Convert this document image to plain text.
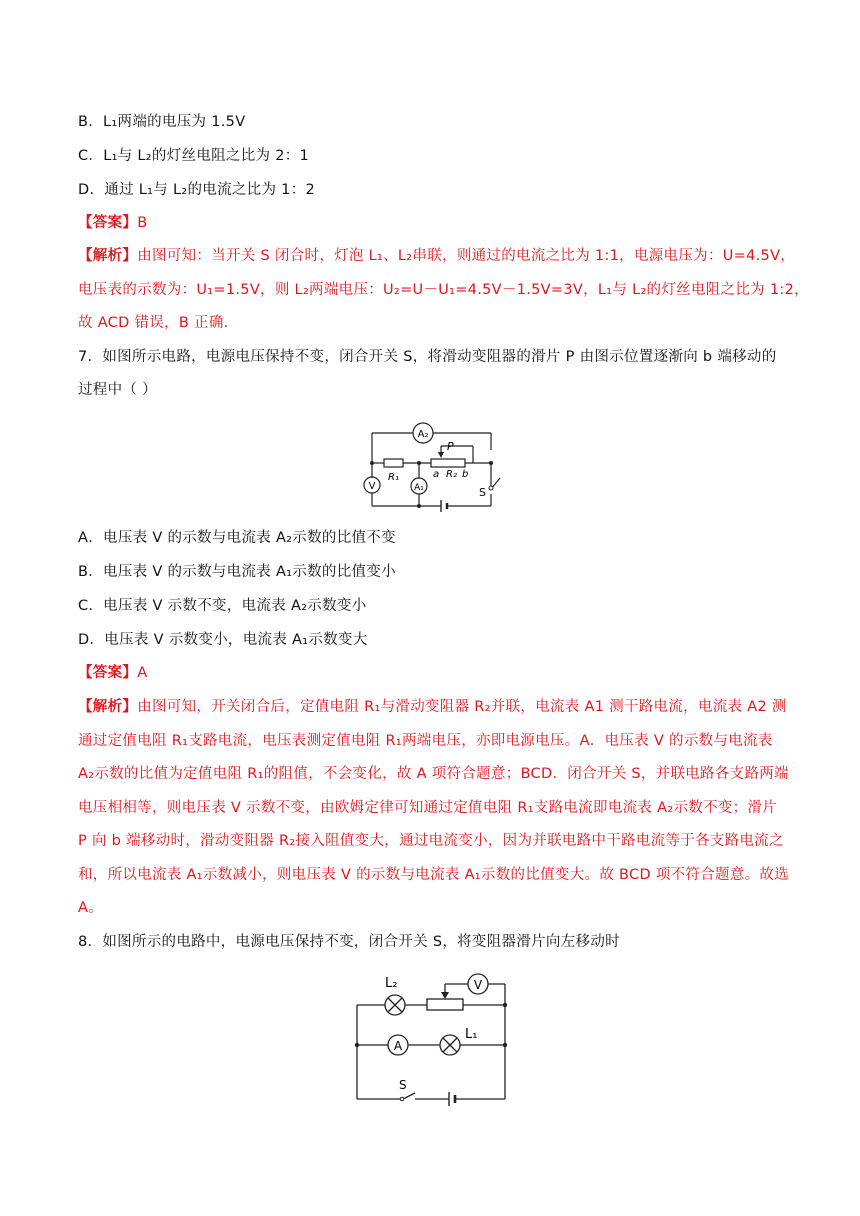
B．L₁两端的电压为 1.5V
C．L₁与 L₂的灯丝电阻之比为 2：1
D．通过 L₁与 L₂的电流之比为 1：2
【答案】B
【解析】由图可知：当开关 S 闭合时，灯泡 L₁、L₂串联，则通过的电流之比为 1:1，电源电压为：U=4.5V，
电压表的示数为：U₁=1.5V，则 L₂两端电压：U₂=U－U₁=4.5V－1.5V=3V，L₁与 L₂的灯丝电阻之比为 1:2，
故 ACD 错误，B 正确.
7．如图所示电路，电源电压保持不变，闭合开关 S，将滑动变阻器的滑片 P 由图示位置逐渐向 b 端移动的
过程中（ ）
A₂
P
R₁	a R₂ b
V	A₁	S
A．电压表 V 的示数与电流表 A₂示数的比值不变
B．电压表 V 的示数与电流表 A₁示数的比值变小
C．电压表 V 示数不变，电流表 A₂示数变小
D．电压表 V 示数变小，电流表 A₁示数变大
【答案】A
【解析】由图可知，开关闭合后，定值电阻 R₁与滑动变阻器 R₂并联，电流表 A1 测干路电流，电流表 A2 测
通过定值电阻 R₁支路电流，电压表测定值电阻 R₁两端电压，亦即电源电压。A．电压表 V 的示数与电流表
A₂示数的比值为定值电阻 R₁的阻值，不会变化，故 A 项符合题意；BCD．闭合开关 S，并联电路各支路两端
电压相相等，则电压表 V 示数不变，由欧姆定律可知通过定值电阻 R₁支路电流即电流表 A₂示数不变；滑片
P 向 b 端移动时，滑动变阻器 R₂接入阻值变大，通过电流变小，因为并联电路中干路电流等于各支路电流之
和，所以电流表 A₁示数减小，则电压表 V 的示数与电流表 A₁示数的比值变大。故 BCD 项不符合题意。故选
A。
8．如图所示的电路中，电源电压保持不变，闭合开关 S，将变阻器滑片向左移动时
L₂	V
A
L₁
S
